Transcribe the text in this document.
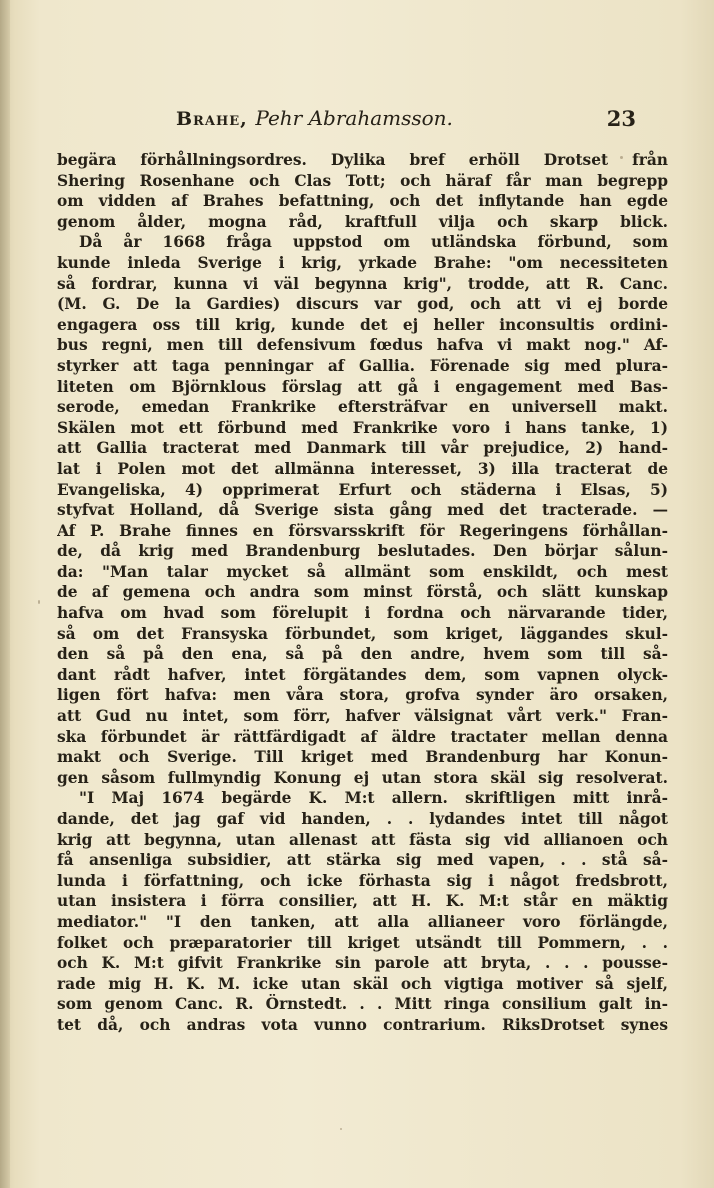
Brahe, Pehr Abrahamsson.	23
begära förhållningsordres. Dylika bref erhöll Drotset från
Shering Rosenhane och Clas Tott; och häraf får man begrepp
om vidden af Brahes befattning, och det inflytande han egde
genom ålder, mogna råd, kraftfull vilja och skarp blick.
Då år 1668 fråga uppstod om utländska förbund, som
kunde inleda Sverige i krig, yrkade Brahe: "om necessiteten
så fordrar, kunna vi väl begynna krig", trodde, att R. Canc.
(M. G. De la Gardies) discurs var god, och att vi ej borde
engagera oss till krig, kunde det ej heller inconsultis ordini-
bus regni, men till defensivum fœdus hafva vi makt nog." Af-
styrker att taga penningar af Gallia. Förenade sig med plura-
liteten om Björnklous förslag att gå i engagement med Bas-
serode, emedan Frankrike eftersträfvar en universell makt.
Skälen mot ett förbund med Frankrike voro i hans tanke, 1)
att Gallia tracterat med Danmark till vår prejudice, 2) hand-
lat i Polen mot det allmänna interesset, 3) illa tracterat de
Evangeliska, 4) opprimerat Erfurt och städerna i Elsas, 5)
styfvat Holland, då Sverige sista gång med det tracterade. —
Af P. Brahe finnes en försvarsskrift för Regeringens förhållan-
de, då krig med Brandenburg beslutades. Den börjar sålun-
da: "Man talar mycket så allmänt som enskildt, och mest
de af gemena och andra som minst förstå, och slätt kunskap
hafva om hvad som förelupit i fordna och närvarande tider,
så om det Fransyska förbundet, som kriget, läggandes skul-
den så på den ena, så på den andre, hvem som till så-
dant rådt hafver, intet förgätandes dem, som vapnen olyck-
ligen fört hafva: men våra stora, grofva synder äro orsaken,
att Gud nu intet, som förr, hafver välsignat vårt verk." Fran-
ska förbundet är rättfärdigadt af äldre tractater mellan denna
makt och Sverige. Till kriget med Brandenburg har Konun-
gen såsom fullmyndig Konung ej utan stora skäl sig resolverat.
"I Maj 1674 begärde K. M:t allern. skriftligen mitt inrå-
dande, det jag gaf vid handen, . . lydandes intet till något
krig att begynna, utan allenast att fästa sig vid allianoen och
få ansenliga subsidier, att stärka sig med vapen, . . stå så-
lunda i författning, och icke förhasta sig i något fredsbrott,
utan insistera i förra consilier, att H. K. M:t står en mäktig
mediator." "I den tanken, att alla allianeer voro förlängde,
folket och præparatorier till kriget utsändt till Pommern, . .
och K. M:t gifvit Frankrike sin parole att bryta, . . . pousse-
rade mig H. K. M. icke utan skäl och vigtiga motiver så sjelf,
som genom Canc. R. Örnstedt. . . Mitt ringa consilium galt in-
tet då, och andras vota vunno contrarium. RiksDrotset synes
